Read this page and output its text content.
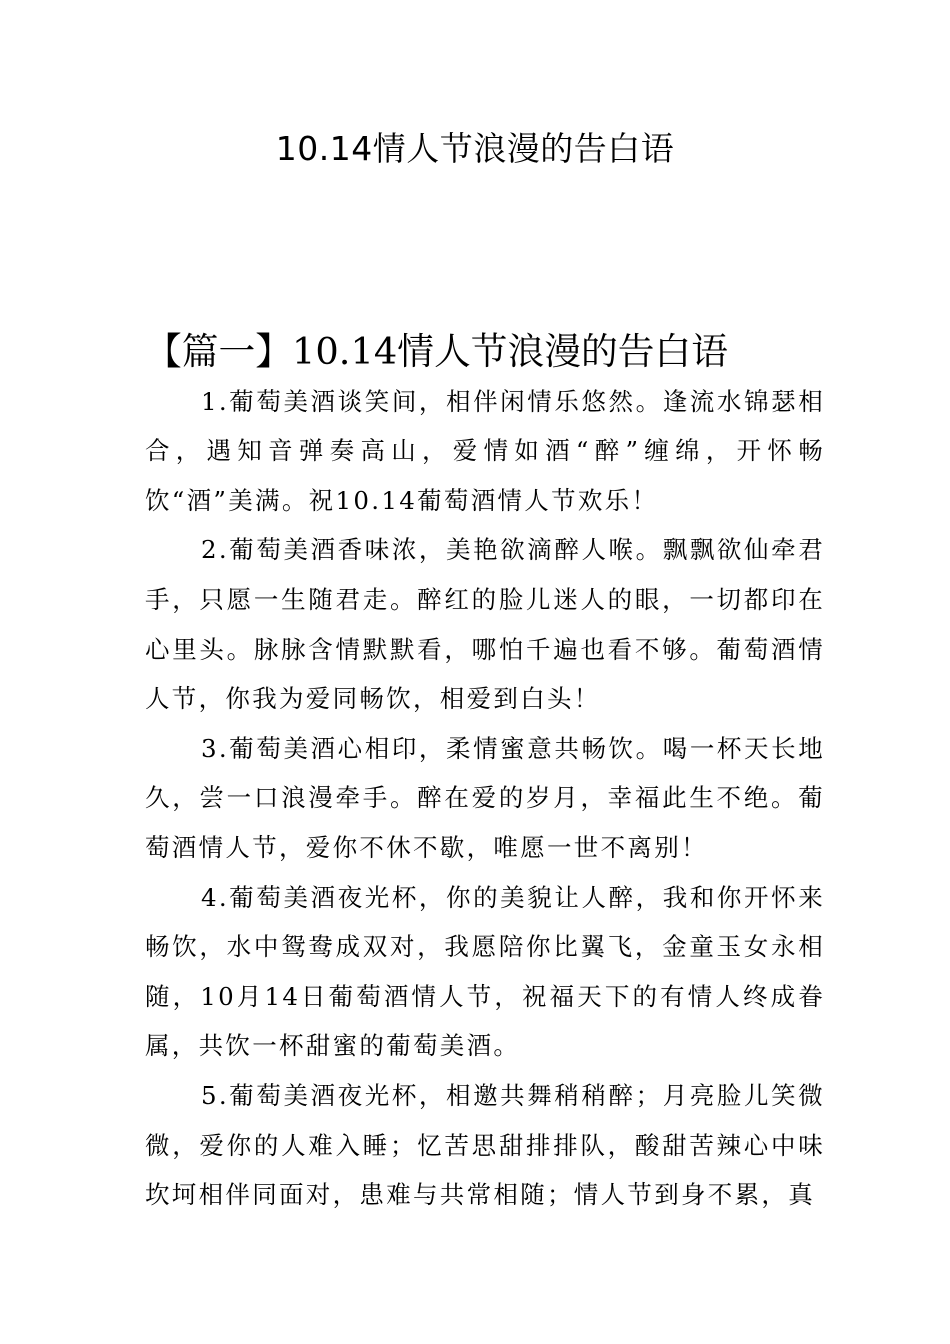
10.14情人节浪漫的告白语
【篇一】10.14情人节浪漫的告白语

1.葡萄美酒谈笑间，相伴闲情乐悠然。逢流水锦瑟相合，遇知音弹奏高山，爱情如酒“醉”缠绵，开怀畅饮“酒”美满。祝10.14葡萄酒情人节欢乐！

2.葡萄美酒香味浓，美艳欲滴醉人喉。飘飘欲仙牵君手，只愿一生随君走。醉红的脸儿迷人的眼，一切都印在心里头。脉脉含情默默看，哪怕千遍也看不够。葡萄酒情人节，你我为爱同畅饮，相爱到白头！

3.葡萄美酒心相印，柔情蜜意共畅饮。喝一杯天长地久，尝一口浪漫牵手。醉在爱的岁月，幸福此生不绝。葡萄酒情人节，爱你不休不歇，唯愿一世不离别！

4.葡萄美酒夜光杯，你的美貌让人醉，我和你开怀来畅饮，水中鸳鸯成双对，我愿陪你比翼飞，金童玉女永相随，10月14日葡萄酒情人节，祝福天下的有情人终成眷属，共饮一杯甜蜜的葡萄美酒。

5.葡萄美酒夜光杯，相邀共舞稍稍醉；月亮脸儿笑微微，爱你的人难入睡；忆苦思甜排排队，酸甜苦辣心中味坎坷相伴同面对，患难与共常相随；情人节到身不累，真
